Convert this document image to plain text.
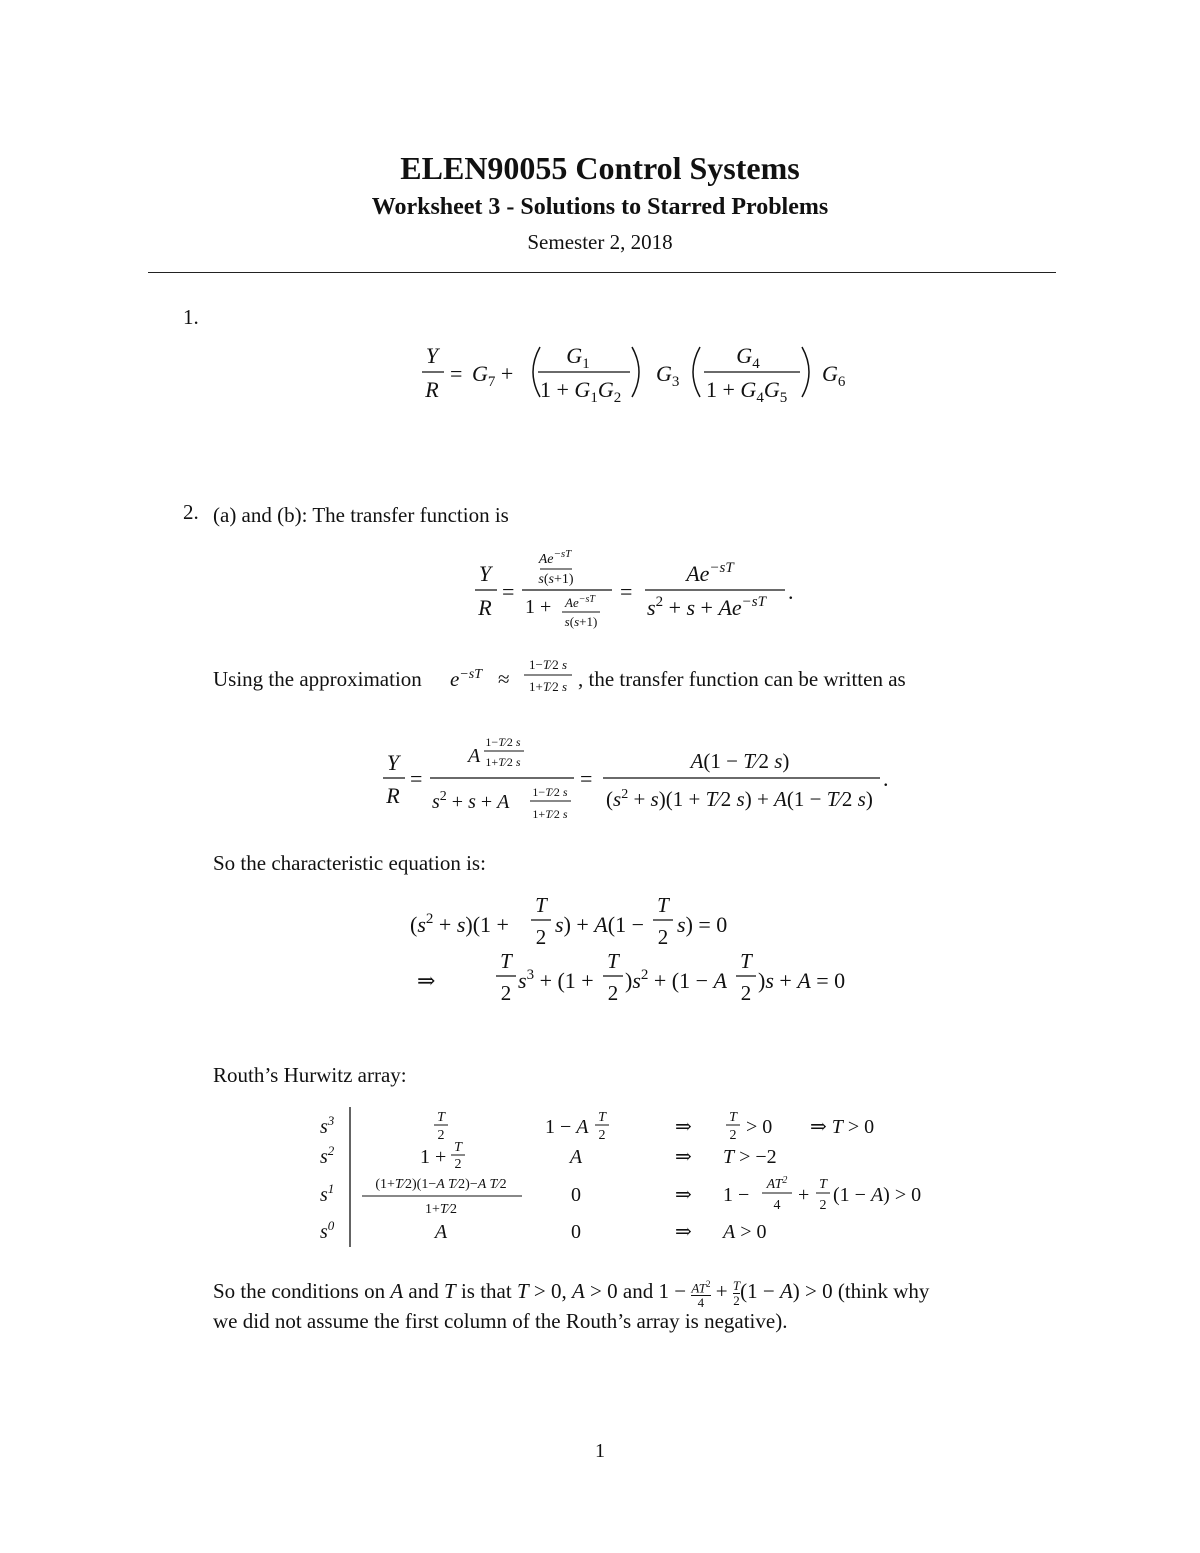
ELEN90055 Control Systems
Worksheet 3 - Solutions to Starred Problems
Semester 2, 2018
1.
Y
R
= $G_7$ +
$G_1$
$1 + G_1G_2$
$G_3$
$G_4$
$1 + G_4G_5$
$G_6$
2. (a) and (b): The transfer function is
Y
R
=
$Ae^{-sT}$
s(s+1)
$1 + Ae^{-sT}$
s(s+1)
=
$Ae^{-sT}$
$s^2 + s + Ae^{-sT}$ .
Using the approximation $e^{-sT}$ ≈
1−T⁄2 s
1+T⁄2 s , the transfer function can be written as
Y
R
=
A
1−T⁄2 s
1+T⁄2 s
$s^2 + s + A$ 1−T⁄2 s
1+T⁄2 s
=
A(1 − T⁄2 s)
$(s^2 + s)(1$ + T⁄2 s) + A(1 − T⁄2 s)
.
So the characteristic equation is:
$(s^2 + s)(1$ +
T
2 s) + A(1 −
T
2 s) = 0
⇒
T
2 $s^3 + (1$ +
T
2 )$s^2 + (1 - A$
T
2 )s + A = 0
Routh’s Hurwitz array:
$s^3$
$s^2$
$s^1$
$s^0$
T
2
1 + T
2
(1+T⁄2)(1−A T⁄2)−A T⁄2
1+T⁄2
A
1 − A T
2
A
0
0
⇒
⇒
⇒
⇒
T
2 > 0 ⇒ T > 0
T > −2
$1 - AT^2$
4 + T
2 (1 − A) > 0
A > 0
So the conditions on A and T is that T > 0, A > 0 and $1 - AT^2$

$4 + \frac{T}{2} (1 - A) > 0$ (think why
we did not assume the first column of the Routh’s array is negative).
1
